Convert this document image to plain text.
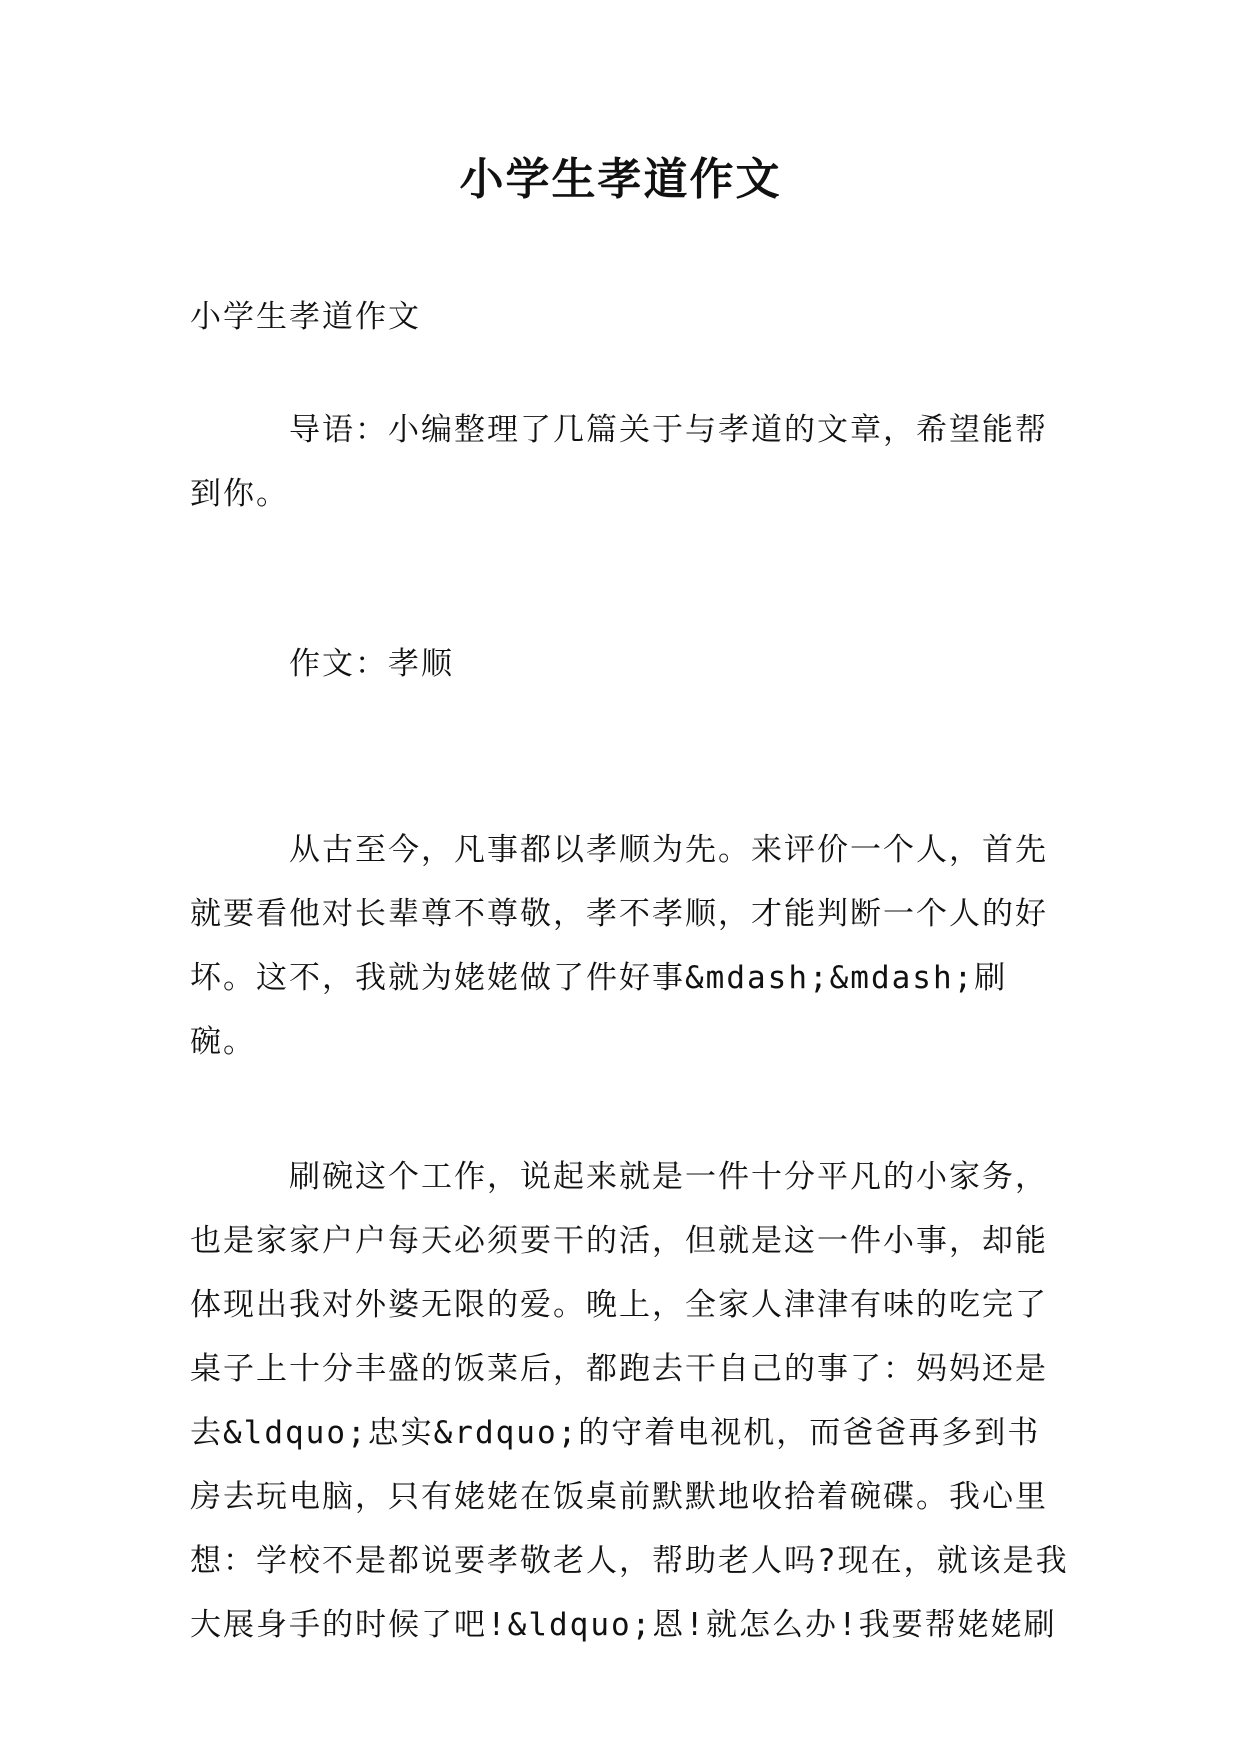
小学生孝道作文
小学生孝道作文
　　　导语：小编整理了几篇关于与孝道的文章，希望能帮到你。
　　　作文：孝顺
　　　从古至今，凡事都以孝顺为先。来评价一个人，首先就要看他对长辈尊不尊敬，孝不孝顺，才能判断一个人的好坏。这不，我就为姥姥做了件好事&mdash;&mdash;刷碗。
　　　刷碗这个工作，说起来就是一件十分平凡的小家务，也是家家户户每天必须要干的活，但就是这一件小事，却能体现出我对外婆无限的爱。晚上，全家人津津有味的吃完了桌子上十分丰盛的饭菜后，都跑去干自己的事了：妈妈还是去&ldquo;忠实&rdquo;的守着电视机，而爸爸再多到书房去玩电脑，只有姥姥在饭桌前默默地收拾着碗碟。我心里想：学校不是都说要孝敬老人，帮助老人吗?现在，就该是我大展身手的时候了吧!&ldquo;恩!就怎么办!我要帮姥姥刷
